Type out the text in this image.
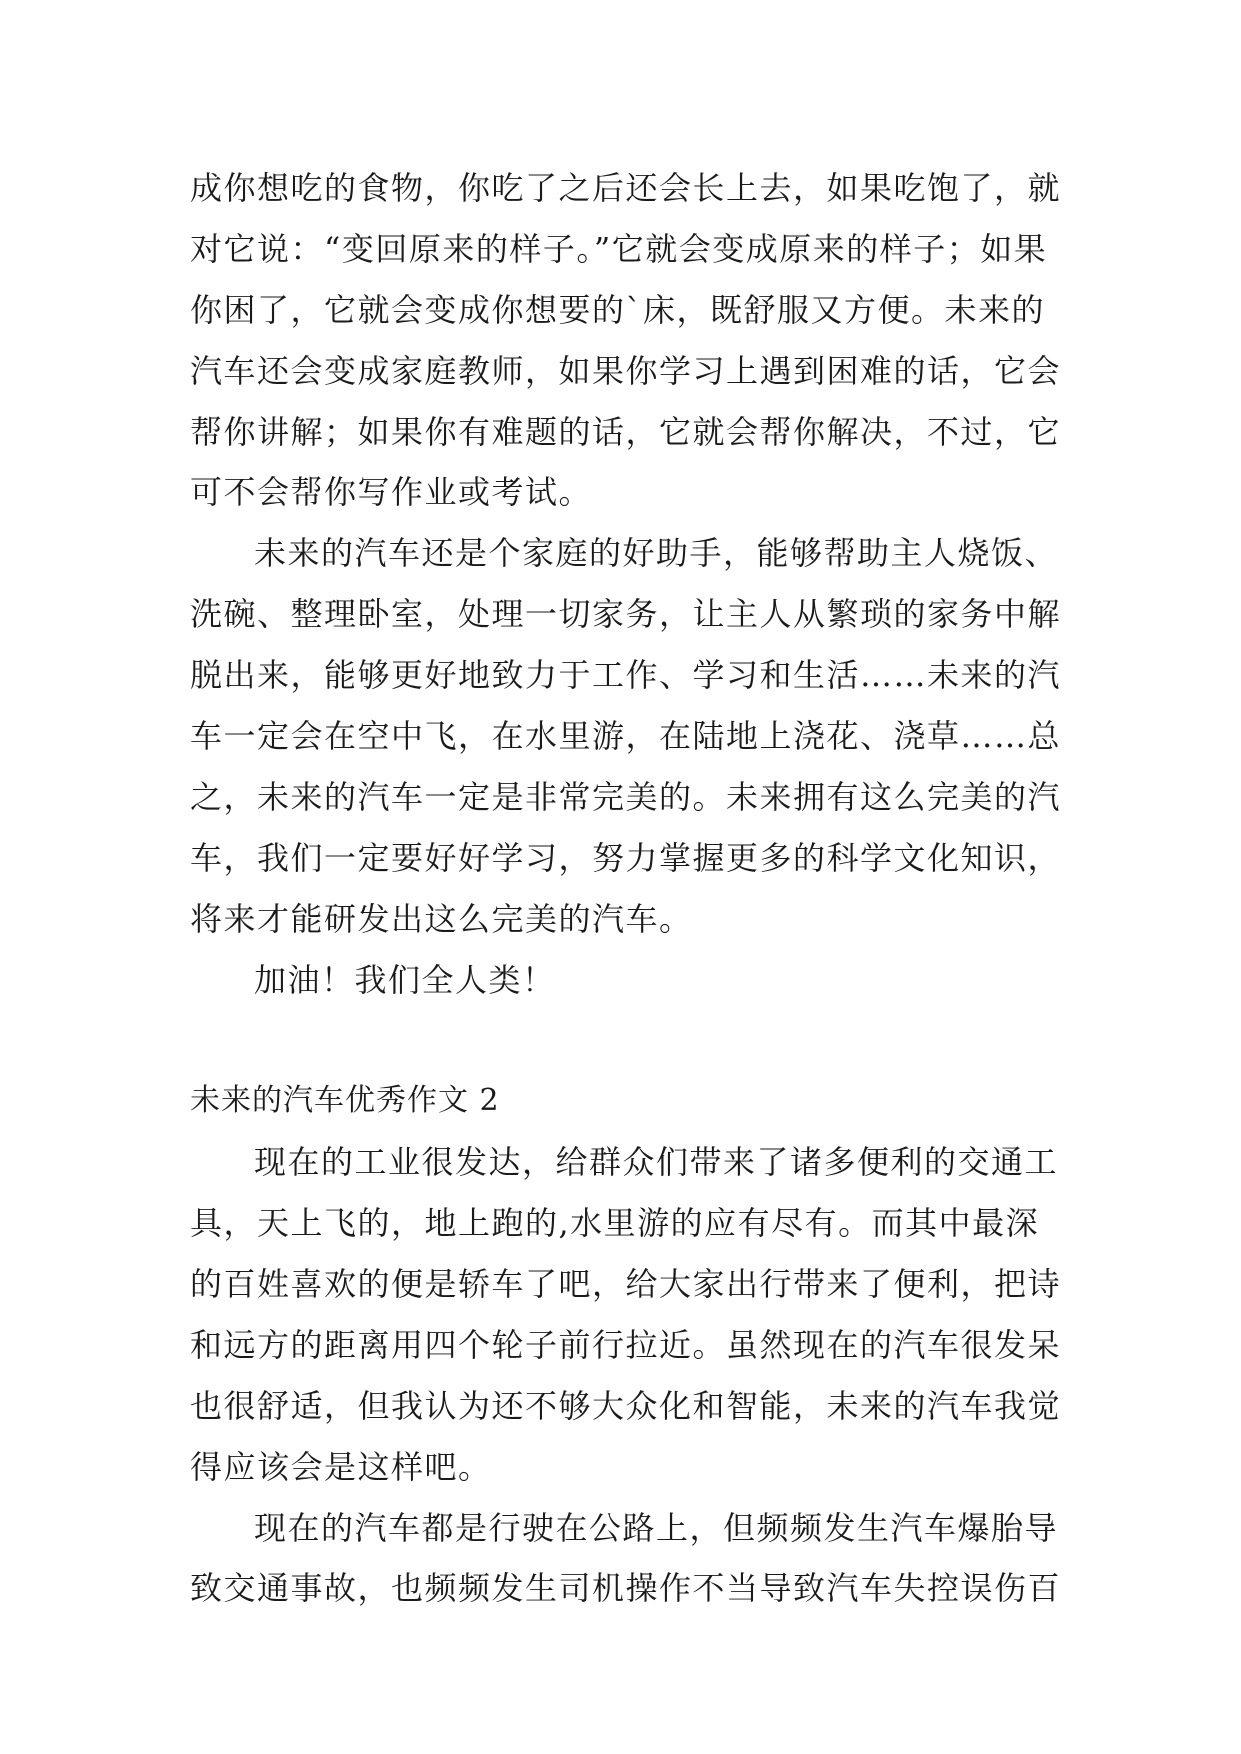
成你想吃的食物，你吃了之后还会长上去，如果吃饱了，就
对它说：“变回原来的样子。”它就会变成原来的样子；如果
你困了，它就会变成你想要的`床，既舒服又方便。未来的
汽车还会变成家庭教师，如果你学习上遇到困难的话，它会
帮你讲解；如果你有难题的话，它就会帮你解决，不过，它
可不会帮你写作业或考试。
未来的汽车还是个家庭的好助手，能够帮助主人烧饭、
洗碗、整理卧室，处理一切家务，让主人从繁琐的家务中解
脱出来，能够更好地致力于工作、学习和生活……未来的汽
车一定会在空中飞，在水里游，在陆地上浇花、浇草……总
之，未来的汽车一定是非常完美的。未来拥有这么完美的汽
车，我们一定要好好学习，努力掌握更多的科学文化知识，
将来才能研发出这么完美的汽车。
加油！我们全人类！
未来的汽车优秀作文 2
现在的工业很发达，给群众们带来了诸多便利的交通工
具，天上飞的，地上跑的,水里游的应有尽有。而其中最深
的百姓喜欢的便是轿车了吧，给大家出行带来了便利，把诗
和远方的距离用四个轮子前行拉近。虽然现在的汽车很发呆
也很舒适，但我认为还不够大众化和智能，未来的汽车我觉
得应该会是这样吧。
现在的汽车都是行驶在公路上，但频频发生汽车爆胎导
致交通事故，也频频发生司机操作不当导致汽车失控误伤百
